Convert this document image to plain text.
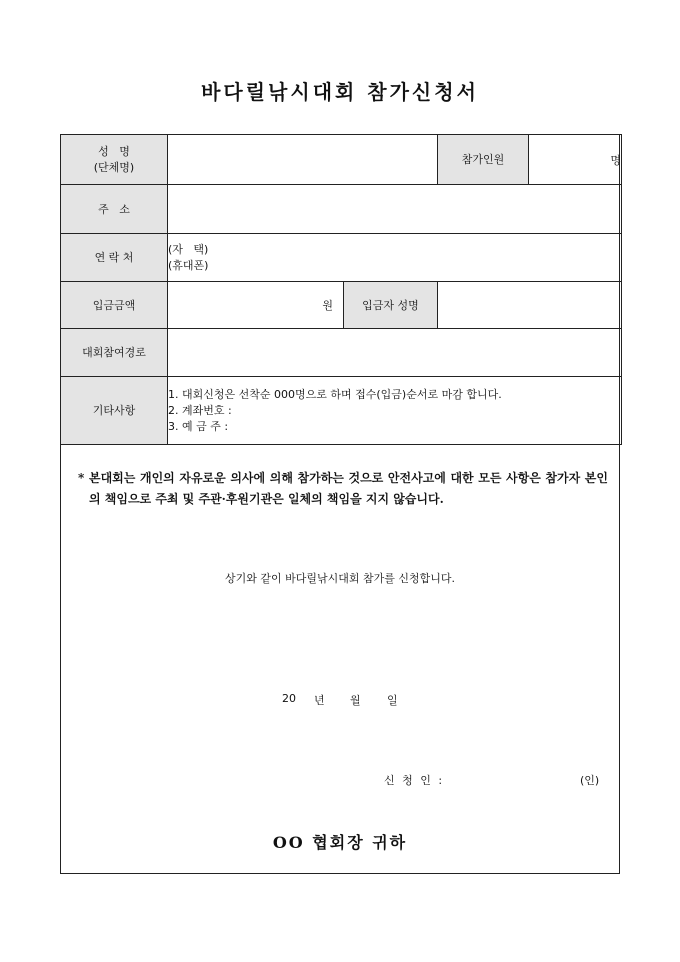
바다릴낚시대회 참가신청서
성   명
(단체명)			참가인원	명
주   소				
연 락 처	(자   택)
(휴대폰)			

입금금액	원	입금자 성명		
대회참여경로				
기타사항	1. 대회신청은 선착순 000명으로 하며 접수(입금)순서로 마감 합니다.
2. 계좌번호 :
3. 예 금 주 :			
* 본대회는 개인의 자유로운 의사에 의해 참가하는 것으로 안전사고에 대한 모든 사항은 참가자 본인의 책임으로 주최 및 주관·후원기관은 일체의 책임을 지지 않습니다.
상기와 같이 바다릴낚시대회 참가를 신청합니다.
20 년 월 일
신 청 인 :	(인)
OO 협회장 귀하
